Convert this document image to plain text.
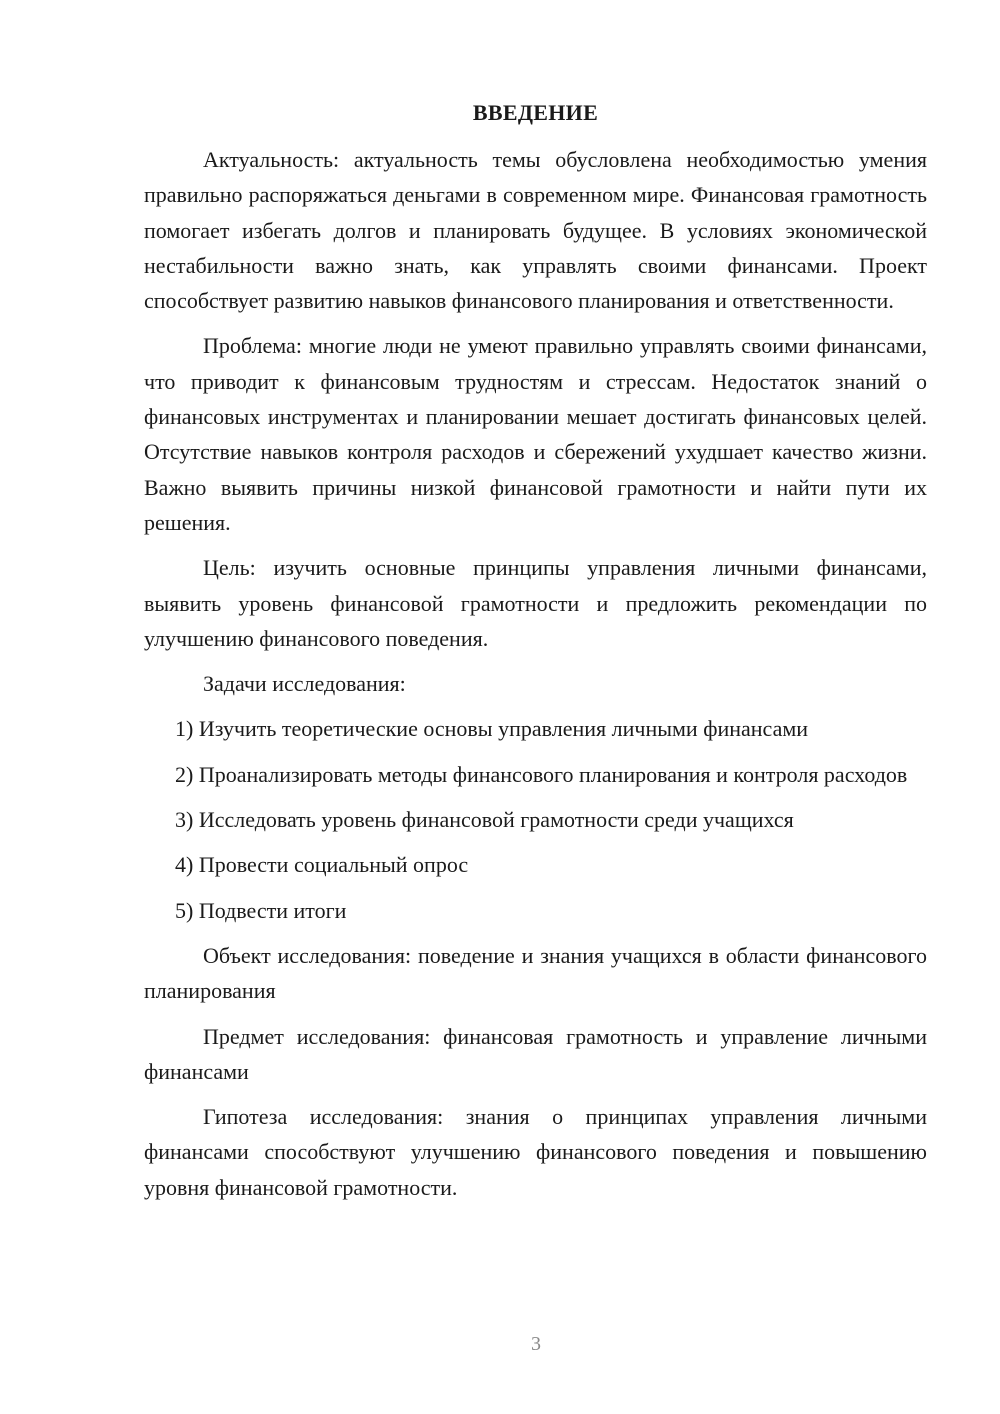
ВВЕДЕНИЕ

Актуальность: актуальность темы обусловлена необходимостью умения правильно распоряжаться деньгами в современном мире. Финансовая грамотность помогает избегать долгов и планировать будущее. В условиях экономической нестабильности важно знать, как управлять своими финансами. Проект способствует развитию навыков финансового планирования и ответственности.

Проблема: многие люди не умеют правильно управлять своими финансами, что приводит к финансовым трудностям и стрессам. Недостаток знаний о финансовых инструментах и планировании мешает достигать финансовых целей. Отсутствие навыков контроля расходов и сбережений ухудшает качество жизни. Важно выявить причины низкой финансовой грамотности и найти пути их решения.

Цель: изучить основные принципы управления личными финансами, выявить уровень финансовой грамотности и предложить рекомендации по улучшению финансового поведения.

Задачи исследования:

1) Изучить теоретические основы управления личными финансами

2) Проанализировать методы финансового планирования и контроля расходов

3) Исследовать уровень финансовой грамотности среди учащихся

4) Провести социальный опрос

5) Подвести итоги

Объект исследования: поведение и знания учащихся в области финансового планирования

Предмет исследования: финансовая грамотность и управление личными финансами

Гипотеза исследования: знания о принципах управления личными финансами способствуют улучшению финансового поведения и повышению уровня финансовой грамотности.

3
